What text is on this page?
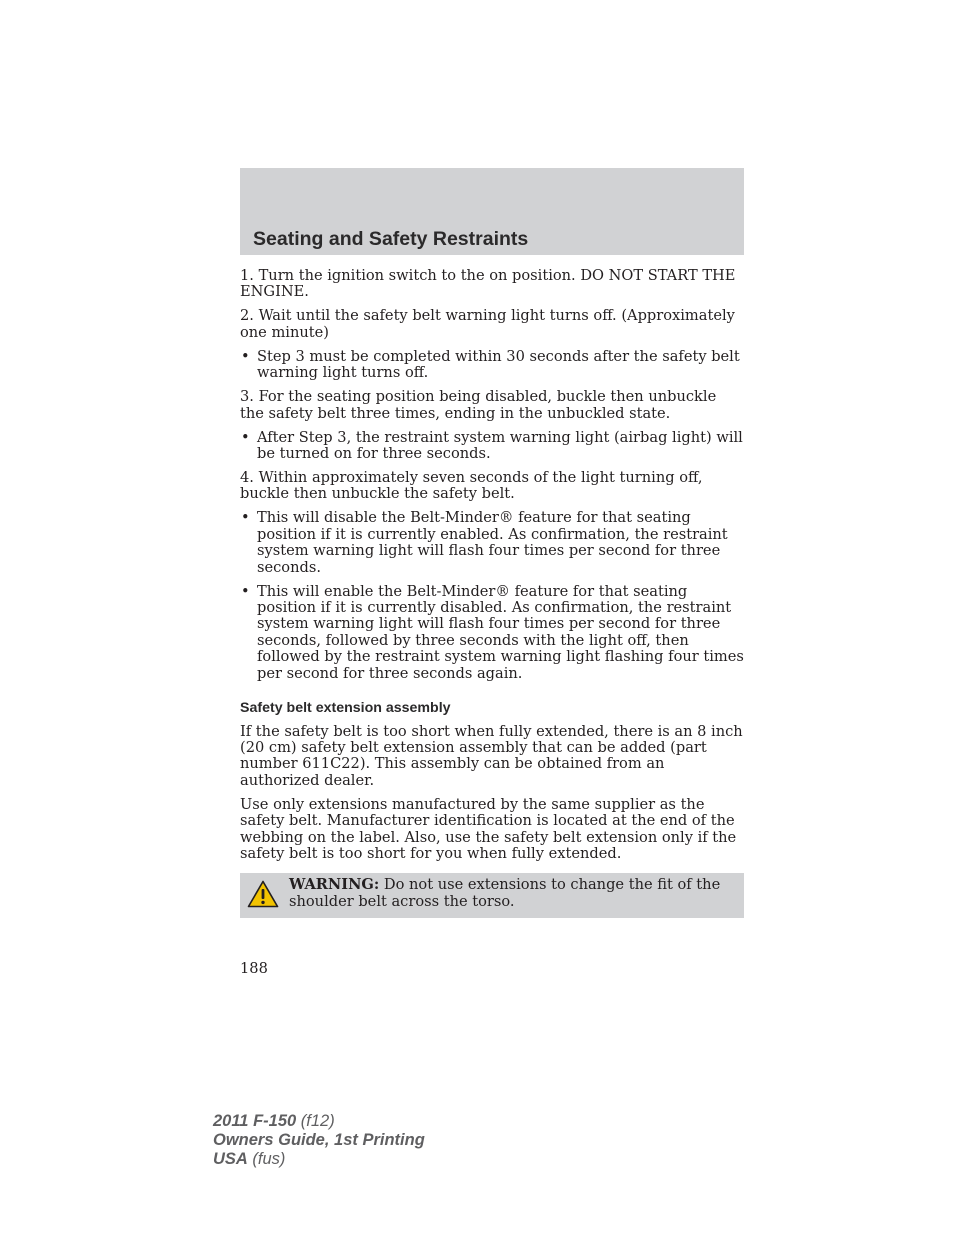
Seating and Safety Restraints

1. Turn the ignition switch to the on position. DO NOT START THE ENGINE.

2. Wait until the safety belt warning light turns off. (Approximately one minute)

• Step 3 must be completed within 30 seconds after the safety belt warning light turns off.

3. For the seating position being disabled, buckle then unbuckle the safety belt three times, ending in the unbuckled state.

• After Step 3, the restraint system warning light (airbag light) will be turned on for three seconds.

4. Within approximately seven seconds of the light turning off, buckle then unbuckle the safety belt.

• This will disable the Belt-Minder® feature for that seating position if it is currently enabled. As confirmation, the restraint system warning light will flash four times per second for three seconds.
• This will enable the Belt-Minder® feature for that seating position if it is currently disabled. As confirmation, the restraint system warning light will flash four times per second for three seconds, followed by three seconds with the light off, then followed by the restraint system warning light flashing four times per second for three seconds again.
Safety belt extension assembly

If the safety belt is too short when fully extended, there is an 8 inch (20 cm) safety belt extension assembly that can be added (part number 611C22). This assembly can be obtained from an authorized dealer.

Use only extensions manufactured by the same supplier as the safety belt. Manufacturer identification is located at the end of the webbing on the label. Also, use the safety belt extension only if the safety belt is too short for you when fully extended.

WARNING: Do not use extensions to change the fit of the shoulder belt across the torso.
188
2011 F-150 (f12)
Owners Guide, 1st Printing
USA (fus)
